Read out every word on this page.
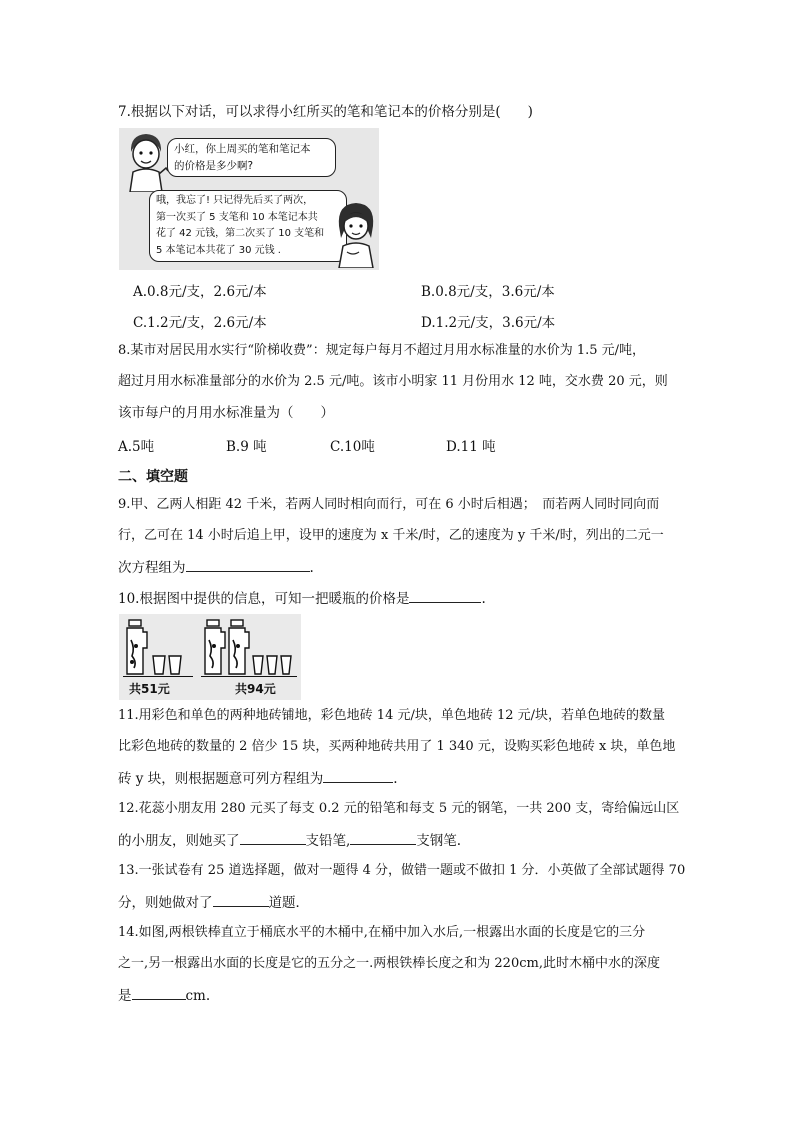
7.根据以下对话，可以求得小红所买的笔和笔记本的价格分别是(　　)
小红，你上周买的笔和笔记本
的价格是多少啊?
哦，我忘了! 只记得先后买了两次，
第一次买了 5 支笔和 10 本笔记本共
花了 42 元钱，第二次买了 10 支笔和
5 本笔记本共花了 30 元钱 .
A.0.8元/支，2.6元/本	B.0.8元/支，3.6元/本
C.1.2元/支，2.6元/本	D.1.2元/支，3.6元/本
8.某市对居民用水实行“阶梯收费”：规定每户每月不超过月用水标准量的水价为 1.5 元/吨，
超过月用水标准量部分的水价为 2.5 元/吨。该市小明家 11 月份用水 12 吨，交水费 20 元，则
该市每户的月用水标准量为（　　）
A.5吨	B.9 吨	C.10吨	D.11 吨
二、填空题
9.甲、乙两人相距 42 千米，若两人同时相向而行，可在 6 小时后相遇；　而若两人同时同向而
行，乙可在 14 小时后追上甲，设甲的速度为 x 千米/时，乙的速度为 y 千米/时，列出的二元一
次方程组为	.
10.根据图中提供的信息，可知一把暖瓶的价格是	.
共51元	共94元
11.用彩色和单色的两种地砖铺地，彩色地砖 14 元/块，单色地砖 12 元/块，若单色地砖的数量
比彩色地砖的数量的 2 倍少 15 块，买两种地砖共用了 1 340 元，设购买彩色地砖 x 块，单色地
砖 y 块，则根据题意可列方程组为	.
12.花蕊小朋友用 280 元买了每支 0.2 元的铅笔和每支 5 元的钢笔，一共 200 支，寄给偏远山区
的小朋友，则她买了	支铅笔,	支钢笔.
13.一张试卷有 25 道选择题，做对一题得 4 分，做错一题或不做扣 1 分．小英做了全部试题得 70
分，则她做对了	道题．
14.如图,两根铁棒直立于桶底水平的木桶中,在桶中加入水后,一根露出水面的长度是它的三分
之一,另一根露出水面的长度是它的五分之一.两根铁棒长度之和为 220cm,此时木桶中水的深度
是	cm.
